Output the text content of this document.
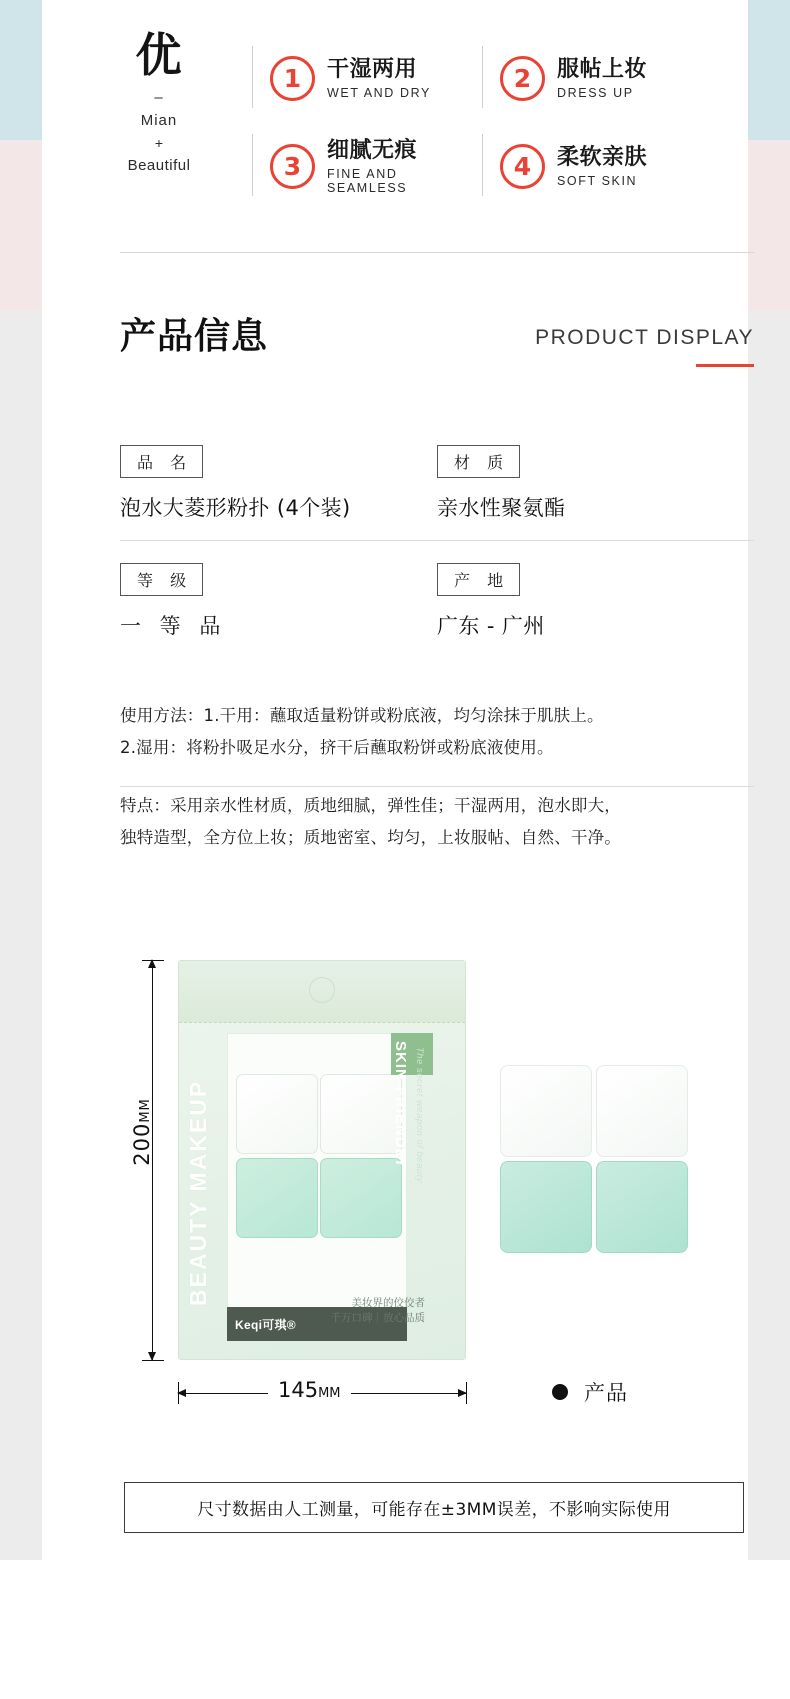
优
–
Mian
+
Beautiful
1	干湿两用
WET AND DRY
2	服帖上妆
DRESS UP
3
细腻无痕
FINE AND SEAMLESS
4	柔软亲肤
SOFT SKIN
产品信息	PRODUCT DISPLAY
品 名
泡水大菱形粉扑 (4个装)
材 质
亲水性聚氨酯
等 级
一 等 品
产 地
广东 - 广州
使用方法：1.干用：蘸取适量粉饼或粉底液，均匀涂抹于肌肤上。
2.湿用：将粉扑吸足水分，挤干后蘸取粉饼或粉底液使用。
特点：采用亲水性材质，质地细腻，弹性佳；干湿两用，泡水即大，
独特造型，全方位上妆；质地密室、均匀，上妆服帖、自然、干净。
200MM BEAUTY MAKEUP	SKIN-FRIENDLY The secret weapon of beauty
Keqi可琪®
美妆界的佼佼者
千万口碑｜放心品质
145MM	产品
尺寸数据由人工测量，可能存在±3MM误差，不影响实际使用
